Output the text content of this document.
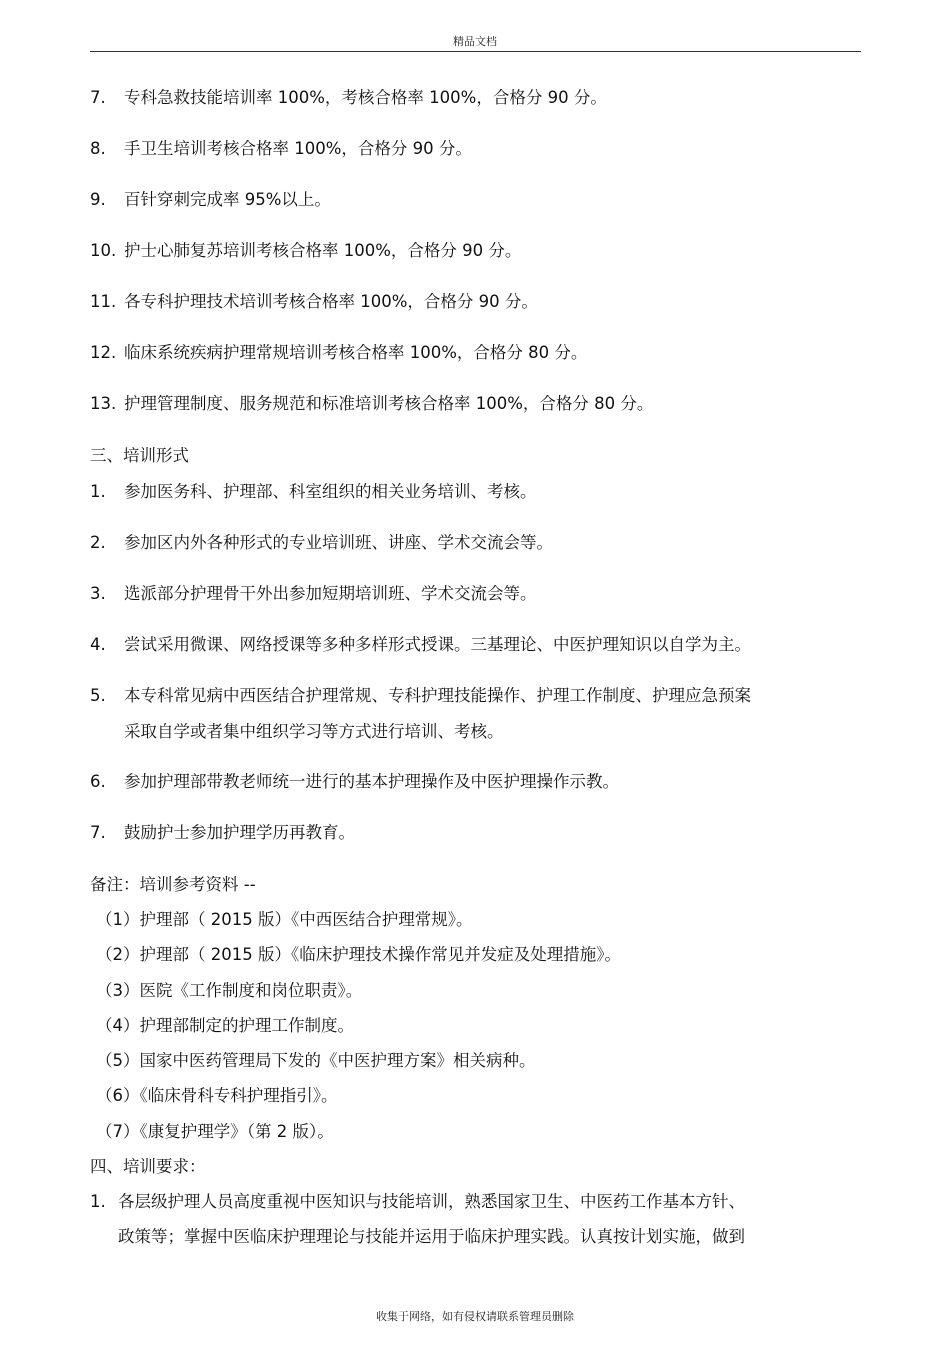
精品文档
7. 专科急救技能培训率 100%，考核合格率 100%，合格分 90 分。
8. 手卫生培训考核合格率 100%，合格分 90 分。
9. 百针穿刺完成率 95%以上。
10. 护士心肺复苏培训考核合格率 100%，合格分 90 分。
11. 各专科护理技术培训考核合格率 100%，合格分 90 分。
12. 临床系统疾病护理常规培训考核合格率 100%，合格分 80 分。
13. 护理管理制度、服务规范和标准培训考核合格率 100%，合格分 80 分。
三、培训形式
1. 参加医务科、护理部、科室组织的相关业务培训、考核。
2. 参加区内外各种形式的专业培训班、讲座、学术交流会等。
3. 选派部分护理骨干外出参加短期培训班、学术交流会等。
4. 尝试采用微课、网络授课等多种多样形式授课。三基理论、中医护理知识以自学为主。
5. 本专科常见病中西医结合护理常规、专科护理技能操作、护理工作制度、护理应急预案
采取自学或者集中组织学习等方式进行培训、考核。
6. 参加护理部带教老师统一进行的基本护理操作及中医护理操作示教。
7. 鼓励护士参加护理学历再教育。
备注：培训参考资料 --
（1）护理部（ 2015 版）《中西医结合护理常规》。
（2）护理部（ 2015 版）《临床护理技术操作常见并发症及处理措施》。
（3）医院《工作制度和岗位职责》。
（4）护理部制定的护理工作制度。
（5）国家中医药管理局下发的《中医护理方案》相关病种。
（6）《临床骨科专科护理指引》。
（7）《康复护理学》（第 2 版）。
四、培训要求：
1. 各层级护理人员高度重视中医知识与技能培训，熟悉国家卫生、中医药工作基本方针、
政策等；掌握中医临床护理理论与技能并运用于临床护理实践。认真按计划实施，做到
收集于网络，如有侵权请联系管理员删除
